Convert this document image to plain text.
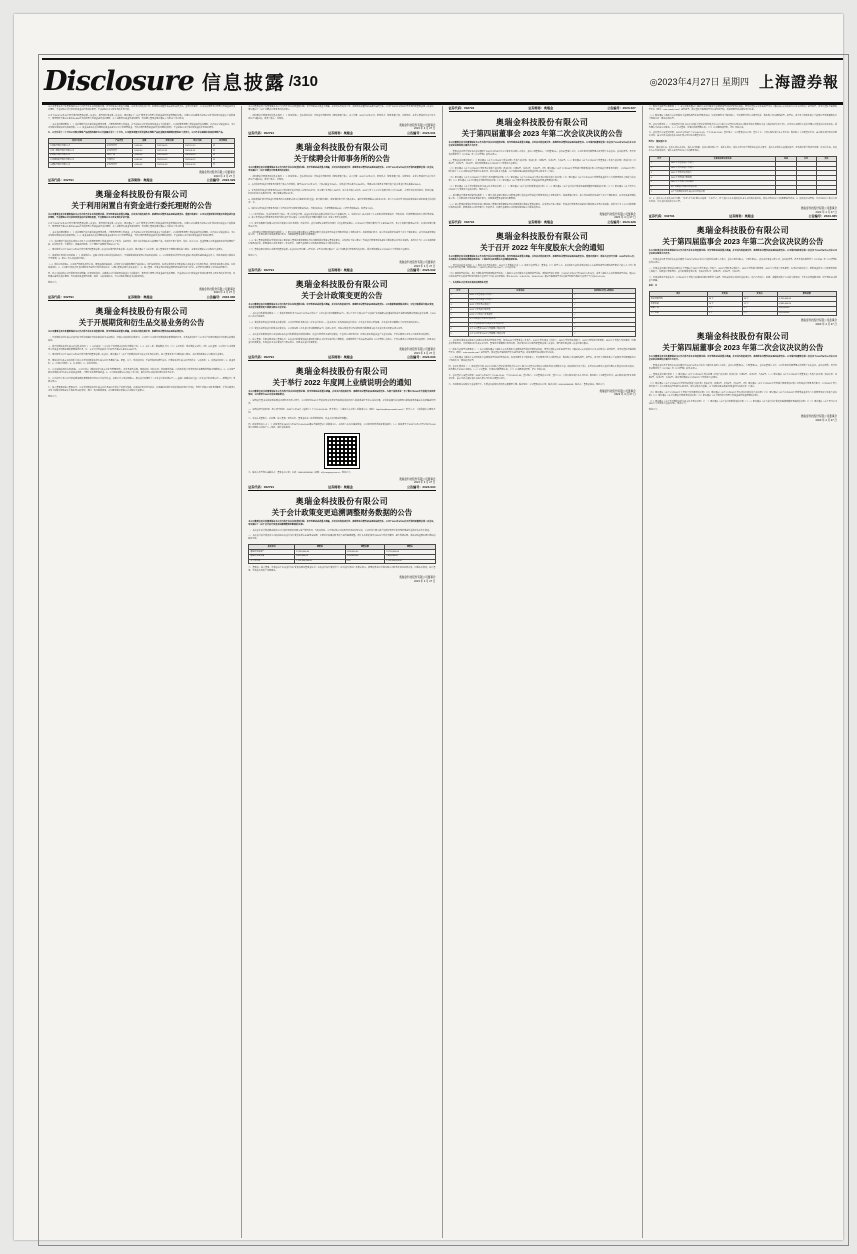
Disclosure 信息披露 /310	◎2023年4月27日 星期四 上海證券報

本公司董事会及全体董事保证本公告内容不存在任何虚假记载、误导性陈述或者重大遗漏，并对其内容的真实性、准确性和完整性依法承担法律责任。重要内容提示：公司本次使用部分闲置自有资金进行委托理财，不会影响公司日常经营资金的正常周转需要，不会影响公司主营业务的正常开展。

公司于2023年4月26日召开第四届董事会第二次会议、第四届监事会第二次会议，审议通过了《关于使用部分闲置自有资金进行现金管理的议案》，同意公司在确保不影响公司正常经营和资金安全的前提下，使用额度不超过人民币30,000万元的闲置自有资金进行委托理财，在上述额度内资金可滚动使用，有效期自董事会审议通过之日起12个月内有效。

一、本次委托理财概况（一）委托理财目的为提高资金使用效率，合理利用闲置自有资金，在不影响公司正常经营及资金安全的前提下，公司拟使用闲置自有资金进行委托理财，以增加公司资金收益，为公司及股东谋取较好的投资回报。（二）资金来源本次委托理财的资金来源为公司自有闲置资金，不存在使用募集资金进行委托理财的情形，不会影响公司日常经营资金的正常周转需要。

五、公告日前十二个月内公司购买理财产品的情况截至本公告披露日前十二个月内，公司使用闲置自有资金购买理财产品的金额及到期赎回情况如下表所示，公司不存在逾期未收回的理财产品。

受托方名称	产品类型	金额	起始日期	终止日期	是否赎回
中国银行股份有限公司	结构性存款	5,000.00	2022-06-15	2022-12-15	是
中国工商银行股份有限公司	结构性存款	8,000.00	2022-07-01	2023-01-01	是
招商银行股份有限公司	理财产品	3,000.00	2022-09-20	2023-03-20	是
中国建设银行股份有限公司	大额存单	6,000.00	2022-10-12	2023-04-12	是
交通银行股份有限公司	结构性存款	4,000.00	2023-01-09	2023-07-09	否
奥瑞金科技股份有限公司董事会
2023 年 4 月 27 日
证券代码：002791	证券简称：奥瑞金	公告编号：2023-029
奥瑞金科技股份有限公司
关于利用闲置自有资金进行委托理财的公告

本公司董事会及全体董事保证本公告内容不存在任何虚假记载、误导性陈述或者重大遗漏，并对其内容的真实性、准确性和完整性依法承担法律责任。重要内容提示：公司本次使用部分闲置自有资金进行委托理财，不会影响公司日常经营资金的正常周转需要，不会影响公司主营业务的正常开展。

公司于2023年4月26日召开第四届董事会第二次会议、第四届监事会第二次会议，审议通过了《关于使用部分闲置自有资金进行现金管理的议案》，同意公司在确保不影响公司正常经营和资金安全的前提下，使用额度不超过人民币30,000万元的闲置自有资金进行委托理财，在上述额度内资金可滚动使用，有效期自董事会审议通过之日起12个月内有效。

一、本次委托理财概况（一）委托理财目的为提高资金使用效率，合理利用闲置自有资金，在不影响公司正常经营及资金安全的前提下，公司拟使用闲置自有资金进行委托理财，以增加公司资金收益，为公司及股东谋取较好的投资回报。（二）资金来源本次委托理财的资金来源为公司自有闲置资金，不存在使用募集资金进行委托理财的情形，不会影响公司日常经营资金的正常周转需要。

（三）委托理财产品的基本情况公司及子公司拟使用闲置自有资金购买安全性高、流动性好、发行主体有保本约定的理财产品，包括但不限于银行、信托、证券公司、基金管理公司等金融机构发行的理财产品、结构性存款、大额存单、国债逆回购等，单个理财产品期限不超过12个月。

二、审议程序公司于2023年4月26日召开第四届董事会第二次会议和第四届监事会第二次会议，审议通过了上述议案，独立董事发表了明确同意的独立意见，本事项无需提交公司股东大会审议。

三、投资风险及风险控制措施（一）投资风险1、金融市场受宏观经济的影响较大，不排除该项投资受到市场波动的影响；2、公司将根据经济形势以及金融市场的变化适时适量的介入，因此投资的实际收益不可预期；3、相关工作人员的操作风险。

（二）风险控制措施1、公司将严格筛选发行主体，审慎选择投资品种，并及时分析和跟踪理财产品的投向、项目进展情况，如评估发现存在可能影响公司资金安全的风险因素，将及时采取相应措施，控制投资风险。2、公司审计部负责对委托理财业务进行日常监督和检查，定期向董事会审计委员会报告。3、独立董事、监事会有权对资金使用情况进行监督与检查，必要时可以聘请专业机构进行审计。

四、对公司的影响公司目前财务状况稳健，经营情况良好。在确保公司日常运营和资金安全的前提下，使用部分闲置自有资金进行委托理财，不会影响公司日常资金正常周转需要及主营业务的正常开展，同时通过适度的委托理财，可以提高资金使用效率，获得一定的投资收益，为公司股东谋取更多的投资回报。

特此公告。

奥瑞金科技股份有限公司董事会
2023 年 4 月 27 日
证券代码：002791	证券简称：奥瑞金	公告编号：2023-030
奥瑞金科技股份有限公司
关于开展期货和衍生品交易业务的公告

本公司董事会及全体董事保证本公告内容不存在任何虚假记载、误导性陈述或者重大遗漏，并对其内容的真实性、准确性和完整性依法承担法律责任。

一、开展期货和衍生品交易的目的为有效规避原材料价格波动带来的风险，增强公司的风险防范能力，公司及子公司拟开展商品期货套期保值业务，业务品种仅限于与公司生产经营所需的原材料相关的期货品种。

二、拟开展期货和衍生品交易的基本情况（一）交易品种：与公司生产经营相关的原材料期货合约；（二）交易工具：商品期货合约；（三）交易场所：境内期货交易所；（四）交易金额：公司及子公司拟使用自有资金开展商品期货套期保值业务，任一交易日持有的最高合约价值不超过人民币5,000万元。

三、审议程序公司于2023年4月26日召开第四届董事会第二次会议，审议通过了《关于开展期货和衍生品交易业务的议案》，独立董事发表了同意的独立意见。本议案尚需提交公司股东大会审议。

四、期货和衍生品交易的风险分析公司开展的期货和衍生品交易业务遵循合法、审慎、安全、有效的原则，不进行投机和套利交易，但期货和衍生品交易仍然存在一定的风险：1、价格波动风险；2、资金风险；3、内部控制风险；4、技术风险；5、流动性风险。

五、公司采取的风险控制措施1、公司已制定《期货和衍生品交易业务管理制度》，对业务操作流程、审批权限、风险控制、信息隔离措施、内部风险报告制度及风险处理程序等做出明确规定。2、公司将严格控制期货和衍生品交易的资金规模，合理计划和使用保证金。3、公司将加强相关人员的专业培训，提高业务人员的风险意识和业务水平。

六、公允价值分析公司开展的商品期货套期保值业务以公允价值计量，按照公开市场价格确定，相关会计处理符合《企业会计准则第22号——金融工具确认和计量》《企业会计准则第24号——套期会计》等相关规定。

七、独立董事意见独立董事认为：公司开展期货和衍生品交易业务是以正常生产经营为基础，以具体经营业务为依托，以规避和防范原材料价格波动风险为目的，有利于增强公司财务稳健性，不存在损害公司及全体股东特别是中小股东利益的情形。我们一致同意该事项，并同意将该议案提交公司股东大会审议。

特此公告。

本公司董事会及全体董事保证本公告内容不存在任何虚假记载、误导性陈述或者重大遗漏，并对其内容的真实性、准确性和完整性依法承担法律责任。公司于2023年4月26日召开第四届董事会第二次会议，审议通过了《关于续聘会计师事务所的议案》。

一、拟续聘会计师事务所的基本情况（一）机构信息1、基本信息名称：容诚会计师事务所（特殊普通合伙），成立日期：2011年12月22日，组织形式：特殊普通合伙，注册地址：北京市西城区阜成门外大街22号1幢19层，首席合伙人：肖厚发。

奥瑞金科技股份有限公司董事会
2023 年 4 月 27 日
证券代码：002791	证券简称：奥瑞金	公告编号：2023-031
奥瑞金科技股份有限公司
关于续聘会计师事务所的公告

本公司董事会及全体董事保证本公告内容不存在任何虚假记载、误导性陈述或者重大遗漏，并对其内容的真实性、准确性和完整性依法承担法律责任。公司于2023年4月26日召开第四届董事会第二次会议，审议通过了《关于续聘会计师事务所的议案》。

一、拟续聘会计师事务所的基本情况（一）机构信息1、基本信息名称：容诚会计师事务所（特殊普通合伙），成立日期：2011年12月22日，组织形式：特殊普通合伙，注册地址：北京市西城区阜成门外大街22号1幢19层，首席合伙人：肖厚发。

2、人员信息容诚会计师事务所首席合伙人为肖厚发，截至2022年12月31日，合伙人数量为230人，注册会计师人数为1,200余人，签署过证券服务业务审计报告的注册会计师人数超过500人。

3、业务信息容诚会计师事务所2022年度经审计的业务收入总额为25亿元，其中审计业务收入20亿元，证券业务收入9亿元。2022年度上市公司年报审计客户共计320家，主要行业涉及制造业、信息传输、软件和信息技术服务业等，审计收费总额3.5亿元。

4、投资者保护能力容诚会计师事务所已按照相关规定计提职业风险基金、购买职业保险，职业保险购买符合相关规定，累计赔偿限额超过人民币1亿元。近三年在执业行为相关民事诉讼中承担民事责任的情况：无。

5、诚信记录容诚会计师事务所近三年因执业行为受到刑事处罚0次、行政处罚2次、监督管理措施10次、自律监管措施0次、纪律处分0次。

（二）项目信息1、基本信息项目合伙人、签字注册会计师、质量控制复核人的相关信息详见公告披露内容。2、诚信记录上述人员近三年未受到任何刑事处罚、行政处罚、监督管理措施及自律监管措施。3、独立性容诚会计师事务所及项目组成员不存在违反《中国注册会计师职业道德守则》对独立性要求的情形。

（三）审计收费审计收费定价原则为根据公司业务规模、所处行业、会计处理复杂程度以及审计工作量等因素确定。公司2022年度审计费用合计人民币80万元，其中年报审计费用60万元，内部控制审计费用20万元。

二、拟续聘会计师事务所履行的程序（一）审计委员会审议意见公司董事会审计委员会对容诚会计师事务所的专业胜任能力、投资者保护能力、独立性和诚信状况进行了充分了解和审查，认为其具备足够的独立性、专业胜任能力及投资者保护能力，同意提请董事会审议续聘事项。

（二）独立董事的事前认可情况和独立意见独立董事经事前审阅认可后同意将该议案提交董事会审议，并发表如下独立意见：容诚会计师事务所具备证券期货相关业务执业资格，具有多年为上市公司提供审计服务的经验，能够满足公司财务审计工作的要求，续聘不会损害公司及股东特别是中小股东的利益。

（三）董事会审议情况公司第四届董事会第二次会议以9票同意、0票反对、0票弃权审议通过了《关于续聘会计师事务所的议案》，该议案尚需提交公司2022年年度股东大会审议。

特此公告。

奥瑞金科技股份有限公司董事会
2023 年 4 月 27 日
证券代码：002791	证券简称：奥瑞金	公告编号：2023-032
奥瑞金科技股份有限公司
关于会计政策变更的公告

本公司董事会及全体董事保证本公告内容不存在任何虚假记载、误导性陈述或者重大遗漏，并对其内容的真实性、准确性和完整性依法承担法律责任。公司根据财政部相关规定，对会计政策进行相应变更，本次会计政策变更无需提交股东大会审议。

一、本次会计政策变更概述（一）变更原因财政部于2022年11月30日发布了《企业会计准则解释第16号》，规定了对于单项交易产生的资产和负债相关的递延所得税不适用初始确认豁免的会计处理，自2023年1月1日起施行。

（二）变更前采用的会计政策本次变更前，公司执行财政部颁布的《企业会计准则——基本准则》和各项具体会计准则、企业会计准则应用指南、企业会计准则解释公告以及其他相关规定。

（三）变更后采用的会计政策本次变更后，公司将按照《企业会计准则解释第16号》的规定执行，其他未变更部分仍按照财政部前期颁布的企业会计准则及相关规定执行。

二、本次会计政策变更对公司的影响本次会计政策变更系根据国家统一的会计制度要求进行的变更，不会对公司财务状况、经营成果和现金流量产生重大影响，不存在损害公司及中小股东利益的情形。

三、独立董事、监事会意见独立董事认为：本次会计政策变更是依据财政部相关文件要求进行的合理变更，决策程序符合有关法律法规和《公司章程》的规定，不存在损害公司及股东利益的情形，同意本次会计政策变更。监事会认为本次变更符合相关规定，同意本次会计政策变更。

奥瑞金科技股份有限公司董事会
2023 年 4 月 27 日
证券代码：002791	证券简称：奥瑞金	公告编号：2023-033
奥瑞金科技股份有限公司
关于举行 2022 年度网上业绩说明会的通知

本公司董事会及全体董事保证本公告内容不存在任何虚假记载、误导性陈述或者重大遗漏，并对其内容的真实性、准确性和完整性依法承担法律责任。为便于投资者进一步了解公司2022年年度报告及经营情况，公司将举行2022年度业绩说明会。

一、说明会类型本次投资者说明会以网络互动形式召开，公司将针对2022年度的经营成果及财务指标的具体情况与投资者进行互动交流和沟通，在信息披露允许的范围内就投资者普遍关注的问题进行回答。

二、说明会召开的时间、地点召开时间：2023年5月10日（星期三）下午15:00-16:00；召开地点：上海证券交易所上证路演中心（网址：http://roadshow.sseinfo.com/）；召开方式：上证路演中心网络互动。

三、参加人员董事长、总经理、独立董事、财务总监、董事会秘书（如有特殊情况，参会人员可能进行调整）。

四、投资者参加方式（一）投资者可在2023年5月10日15:00-16:00通过互联网登录上证路演中心，在线参与本次业绩说明会，公司将及时回答投资者的提问。（二）投资者可于2023年5月3日至5月9日16:00前访问网址或扫描下方二维码，进行会前提问。

五、联系人及咨询办法联系人：董事会办公室；电话：0000-00000000；邮箱：ir@company.com.cn。特此公告。

奥瑞金科技股份有限公司董事会
2023 年 4 月 27 日
证券代码：002791	证券简称：奥瑞金	公告编号：2023-034
奥瑞金科技股份有限公司
关于会计政策变更追溯调整财务数据的公告

本公司董事会及全体董事保证本公告内容不存在任何虚假记载、误导性陈述或者重大遗漏，并对其内容的真实性、准确性和完整性依法承担法律责任。公司于2023年4月26日召开第四届董事会第二次会议，审议通过了《关于会计估计变更及追溯调整财务数据的议案》。

一、本次会计估计变更概述根据公司实际经营情况及固定资产使用状况，为更加客观、公允地反映公司的财务状况和经营成果，公司对部分固定资产的预计使用年限及残值率进行重新评估并作出变更。

二、本次会计估计变更对公司的影响本次会计估计变更采用未来适用法处理，无需对已披露的财务报告进行追溯调整。预计本次变更将增加2023年度折旧费用，减少利润总额，具体影响金额以审计确认的数据为准。

报表项目	调整前	调整金额	调整后
递延所得税资产	12,560,000.00	1,230,000.00	13,790,000.00
递延所得税负债	8,420,000.00	1,230,000.00	9,650,000.00
未分配利润	1,256,300,000.00	0.00	1,256,300,000.00

三、董事会、独立董事、监事会关于本次会计估计变更的意见董事会认为：本次会计估计变更符合《企业会计准则》及相关规定，能够更客观公允地反映公司财务状况和经营成果，同意本次变更。独立董事、监事会均发表了同意意见。

奥瑞金科技股份有限公司董事会
2023 年 4 月 27 日
证券代码：002791	证券简称：奥瑞金	公告编号：2023-027
奥瑞金科技股份有限公司
关于第四届董事会 2023 年第二次会议决议的公告

本公司董事会及全体董事保证本公告内容不存在任何虚假记载、误导性陈述或者重大遗漏，并对其内容的真实性、准确性和完整性依法承担法律责任。公司第四届董事会第二次会议于2023年4月26日在公司会议室以现场结合通讯方式召开。

一、董事会会议召开情况本次会议通知于2023年4月16日以电子邮件及书面方式发出，会议应到董事9人，实到董事9人。会议由董事长主持，公司监事及高级管理人员列席了本次会议。会议的召集、召开及表决程序符合《公司法》及《公司章程》的有关规定。

二、董事会会议审议情况（一）审议通过《关于公司2022年度总经理工作报告的议案》表决结果：同意9票，反对0票，弃权0票。（二）审议通过《关于公司2022年度董事会工作报告的议案》表决结果：同意9票，反对0票，弃权0票。该议案尚需提交公司2022年年度股东大会审议。

（三）审议通过《关于公司2022年度财务决算报告的议案》表决结果：同意9票，反对0票，弃权0票。（四）审议通过《关于公司2022年度利润分配预案的议案》经容诚会计师事务所审计，公司2022年度实现归属于上市公司股东的净利润为人民币元，拟以总股本为基数，向全体股东每10股派发现金红利人民币元（含税）。

（五）审议通过《关于公司2022年年度报告及其摘要的议案》（六）审议通过《关于公司2022年度内部控制评价报告的议案》（七）审议通过《关于公司2022年度募集资金存放与实际使用情况专项报告的议案》（八）审议通过《关于续聘会计师事务所的议案》（九）审议通过《关于使用部分闲置自有资金进行现金管理的议案》。

（十）审议通过《关于开展期货和衍生品交易业务的议案》（十一）审议通过《关于会计政策变更的议案》（十二）审议通过《关于会计估计变更及追溯调整财务数据的议案》（十三）审议通过《关于召开公司2022年年度股东大会的议案》。特此公告。

二、拟续聘会计师事务所履行的程序（一）审计委员会审议意见公司董事会审计委员会对容诚会计师事务所的专业胜任能力、投资者保护能力、独立性和诚信状况进行了充分了解和审查，认为其具备足够的独立性、专业胜任能力及投资者保护能力，同意提请董事会审议续聘事项。

（二）独立董事的事前认可情况和独立意见独立董事经事前审阅认可后同意将该议案提交董事会审议，并发表如下独立意见：容诚会计师事务所具备证券期货相关业务执业资格，具有多年为上市公司提供审计服务的经验，能够满足公司财务审计工作的要求，续聘不会损害公司及股东特别是中小股东的利益。

奥瑞金科技股份有限公司董事会
2023 年 4 月 27 日
证券代码：002791	证券简称：奥瑞金	公告编号：2023-028
奥瑞金科技股份有限公司
关于召开 2022 年年度股东大会的通知

本公司董事会及全体董事保证本公告内容不存在任何虚假记载、误导性陈述或者重大遗漏，并对其内容的真实性、准确性和完整性依法承担法律责任。重要内容提示：股东大会召开日期：2023年5月19日；本次股东大会采用的网络投票系统：上海证券交易所股东大会网络投票系统。

一、召开会议的基本情况（一）股东大会类型和届次：2022年年度股东大会（二）股东大会召集人：董事会（三）投票方式：本次股东大会所采用的表决方式是现场投票和网络投票相结合的方式（四）现场会议召开的日期、时间和地点：2023年5月19日14点00分，公司会议室。

（五）网络投票的系统、起止日期和投票时间网络投票系统：上海证券交易所股东大会网络投票系统，网络投票起止时间：自2023年5月19日至2023年5月19日。采用上海证券交易所网络投票系统，通过交易系统投票平台的投票时间为股东大会召开当日的交易时间段，即9:15-9:25、9:30-11:30、13:00-15:00；通过互联网投票平台的投票时间为股东大会召开当日的9:15-15:00。

一、本次股东大会审议议案及投票股东类型

序号	议案名称	投票股东类型 A股股东
1	2022 年度董事会工作报告	√
2	2022 年度监事会工作报告	√
3	2022 年度财务决算报告	√
4	2022 年度利润分配预案	√
5	2022 年年度报告及其摘要	√
6	关于续聘会计师事务所的议案	√
7	关于开展期货和衍生品交易业务的议案	√
8	关于公司董事 2023 年度薪酬方案的议案	√
9	关于公司监事 2023 年度薪酬方案的议案	√

二、会议审议事项本次股东大会审议议案及投票股东类型，包括2022年度董事会工作报告、2022年度监事会工作报告、2022年度财务决算报告、2022年度利润分配预案、2022年年度报告及其摘要、续聘会计师事务所、开展期货和衍生品交易业务、董事及监事薪酬方案等议案，各议案已经公司第四届董事会第二次会议、第四届监事会第二次会议审议通过。

三、股东大会投票注意事项（一）本公司股东通过上海证券交易所股东大会网络投票系统行使表决权的，既可以登陆交易系统投票平台（通过指定交易的证券公司交易终端）进行投票，也可以登陆互联网投票平台（网址：vote.sseinfo.com）进行投票。首次登陆互联网投票平台进行投票的，投资者需要完成股东身份认证。

（二）股东通过上海证券交易所股东大会网络投票系统行使表决权，如果其拥有多个股东账户，可以使用持有公司股票的任一股东账户参加网络投票。投票后，视为其全部股东账户下的相同类别普通股均已分别投出同一意见的表决票。

四、会议出席对象（一）股权登记日收市后在中国证券登记结算有限责任公司上海分公司登记在册的公司股东有权出席股东大会（具体情况详见下表），并可以以书面形式委托代理人出席会议和参加表决。该代理人不必是公司股东。（二）公司董事、监事和高级管理人员。（三）公司聘请的律师。（四）其他人员。

五、会议登记方法登记时间：2023年5月18日上午9:00-11:30，下午13:30-17:00；登记地点：公司董事会办公室；登记方式：自然人股东须持本人身份证、股东账户卡办理登记手续；法人股东须持营业执照复印件、法定代表人授权委托书和出席人身份证办理登记手续。

六、其他事项本次股东大会会期半天，出席会议的股东食宿及交通费用自理。联系地址：公司董事会办公室；联系电话：0000-00000000；联系人：董事会秘书。特此公告。

奥瑞金科技股份有限公司董事会
2023 年 4 月 27 日

三、股东大会投票注意事项（一）本公司股东通过上海证券交易所股东大会网络投票系统行使表决权的，既可以登陆交易系统投票平台（通过指定交易的证券公司交易终端）进行投票，也可以登陆互联网投票平台（网址：vote.sseinfo.com）进行投票。首次登陆互联网投票平台进行投票的，投资者需要完成股东身份认证。

（二）股东通过上海证券交易所股东大会网络投票系统行使表决权，如果其拥有多个股东账户，可以使用持有公司股票的任一股东账户参加网络投票。投票后，视为其全部股东账户下的相同类别普通股均已分别投出同一意见的表决票。

四、会议出席对象（一）股权登记日收市后在中国证券登记结算有限责任公司上海分公司登记在册的公司股东有权出席股东大会（具体情况详见下表），并可以以书面形式委托代理人出席会议和参加表决。该代理人不必是公司股东。（二）公司董事、监事和高级管理人员。（三）公司聘请的律师。（四）其他人员。

五、会议登记方法登记时间：2023年5月18日上午9:00-11:30，下午13:30-17:00；登记地点：公司董事会办公室；登记方式：自然人股东须持本人身份证、股东账户卡办理登记手续；法人股东须持营业执照复印件、法定代表人授权委托书和出席人身份证办理登记手续。

附件1：授权委托书

附件1：授权委托书。委托人姓名或名称、委托人持股数、委托人股东账户号、受托人签名、受托人身份证号等信息由委托人填写。委托人对受托人的授权指示：对各项议案分别表示同意、反对或弃权。如委托人未作具体指示，受托人是否可以按自己的意思表决。

序号	非累积投票议案名称	同意	反对	弃权
1	2022 年度董事会工作报告			
2	2022 年度监事会工作报告			
3	2022 年度财务决算报告			
4	2022 年度利润分配预案			
5	2022 年年度报告及其摘要			
6	关于续聘会计师事务所的议案			
7	关于开展期货和衍生品交易业务的议案			

注：1、委托人应在委托书中“同意”、“反对”或“弃权”意向中选择一个并打“√”，对于委托人在本授权委托书中未作具体指示的，受托人有权按自己的意愿进行表决。2、授权委托书剪报、复印或按以上格式自制均有效；单位委托须加盖单位公章。

奥瑞金科技股份有限公司董事会
2023 年 4 月 27 日
证券代码：002791	证券简称：奥瑞金	公告编号：2023-035
奥瑞金科技股份有限公司
关于第四届监事会 2023 年第二次会议决议的公告

本公司监事会及全体监事保证本公告内容不存在任何虚假记载、误导性陈述或者重大遗漏，并对其内容的真实性、准确性和完整性依法承担法律责任。公司第四届监事会第二次会议于2023年4月26日在公司会议室以现场方式召开。

一、监事会会议召开情况本次会议通知于2023年4月16日以电子邮件及书面方式发出，会议应到监事3人，实到监事3人，会议由监事会主席主持。会议的召集、召开及表决程序符合《公司法》及《公司章程》的有关规定。

二、监事会会议审议情况会议审议并全票通过了2022年度监事会工作报告、2022年度财务决算报告、2022年度利润分配预案、2022年年度报告及其摘要、内部控制评价报告、募集资金存放与实际使用情况专项报告、续聘会计师事务所、会计政策变更等议案，表决结果均为：同意3票，反对0票，弃权0票。

三、监事会意见监事会认为：公司2022年年度报告的编制和审议程序符合法律、行政法规和中国证监会的规定，报告内容真实、准确、完整地反映了公司的实际情况，不存在任何虚假记载、误导性陈述或者重大遗漏。

单位：元

项目	变更前	变更后	影响金额
房屋及建筑物	20 年	30 年	-1,250,000.00
机器设备	10 年	12 年	-3,480,000.00
运输工具	5 年	8 年	-620,000.00
电子设备	3 年	5 年	-410,000.00
奥瑞金科技股份有限公司监事会
2023 年 4 月 27 日
奥瑞金科技股份有限公司
关于第四届董事会 2023 年第二次会议决议的公告

本公司董事会及全体董事保证本公告内容不存在任何虚假记载、误导性陈述或者重大遗漏，并对其内容的真实性、准确性和完整性依法承担法律责任。公司第四届董事会第二次会议于2023年4月26日在公司会议室以现场结合通讯方式召开。

一、董事会会议召开情况本次会议通知于2023年4月16日以电子邮件及书面方式发出，会议应到董事9人，实到董事9人。会议由董事长主持，公司监事及高级管理人员列席了本次会议。会议的召集、召开及表决程序符合《公司法》及《公司章程》的有关规定。

二、董事会会议审议情况（一）审议通过《关于公司2022年度总经理工作报告的议案》表决结果：同意9票，反对0票，弃权0票。（二）审议通过《关于公司2022年度董事会工作报告的议案》表决结果：同意9票，反对0票，弃权0票。该议案尚需提交公司2022年年度股东大会审议。

（三）审议通过《关于公司2022年度财务决算报告的议案》表决结果：同意9票，反对0票，弃权0票。（四）审议通过《关于公司2022年度利润分配预案的议案》经容诚会计师事务所审计，公司2022年度实现归属于上市公司股东的净利润为人民币元，拟以总股本为基数，向全体股东每10股派发现金红利人民币元（含税）。

（五）审议通过《关于公司2022年年度报告及其摘要的议案》（六）审议通过《关于公司2022年度内部控制评价报告的议案》（七）审议通过《关于公司2022年度募集资金存放与实际使用情况专项报告的议案》（八）审议通过《关于续聘会计师事务所的议案》（九）审议通过《关于使用部分闲置自有资金进行现金管理的议案》。

（十）审议通过《关于开展期货和衍生品交易业务的议案》（十一）审议通过《关于会计政策变更的议案》（十二）审议通过《关于会计估计变更及追溯调整财务数据的议案》（十三）审议通过《关于召开公司2022年年度股东大会的议案》。特此公告。

特此公告。

奥瑞金科技股份有限公司董事会
2023 年 4 月 27 日
